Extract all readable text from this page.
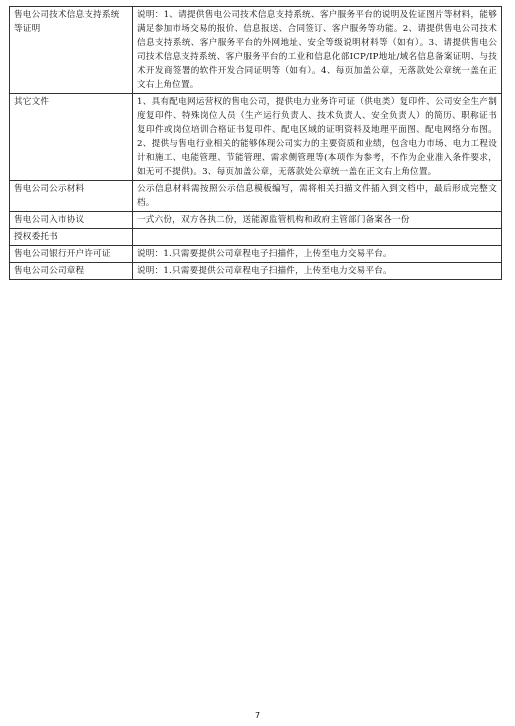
售电公司技术信息支持系统等证明	说明：1、请提供售电公司技术信息支持系统、客户服务平台的说明及佐证图片等材料，能够满足参加市场交易的报价、信息报送、合同签订、客户服务等功能。2、请提供售电公司技术信息支持系统、客户服务平台的外网地址、安全等级说明材料等（如有）。3、请提供售电公司技术信息支持系统、客户服务平台的工业和信息化部ICP/IP地址/域名信息备案证明、与技术开发商签署的软件开发合同证明等（如有）。4、每页加盖公章，无落款处公章统一盖在正文右上角位置。
其它文件	1、具有配电网运营权的售电公司，提供电力业务许可证（供电类）复印件、公司安全生产制度复印件、特殊岗位人员（生产运行负责人、技术负责人、安全负责人）的简历、职称证书复印件或岗位培训合格证书复印件、配电区域的证明资料及地理平面图、配电网络分布图。2、提供与售电行业相关的能够体现公司实力的主要资质和业绩，包含电力市场、电力工程设计和施工、电能管理、节能管理、需求侧管理等(本项作为参考，不作为企业准入条件要求，如无可不提供)。3、每页加盖公章，无落款处公章统一盖在正文右上角位置。
售电公司公示材料	公示信息材料需按照公示信息模板编写，需将相关扫描文件插入到文档中，最后形成完整文档。
售电公司入市协议	一式六份，双方各执二份，送能源监管机构和政府主管部门备案各一份
授权委托书	
售电公司银行开户许可证	说明：1.只需要提供公司章程电子扫描件，上传至电力交易平台。
售电公司公司章程	说明：1.只需要提供公司章程电子扫描件，上传至电力交易平台。
7
